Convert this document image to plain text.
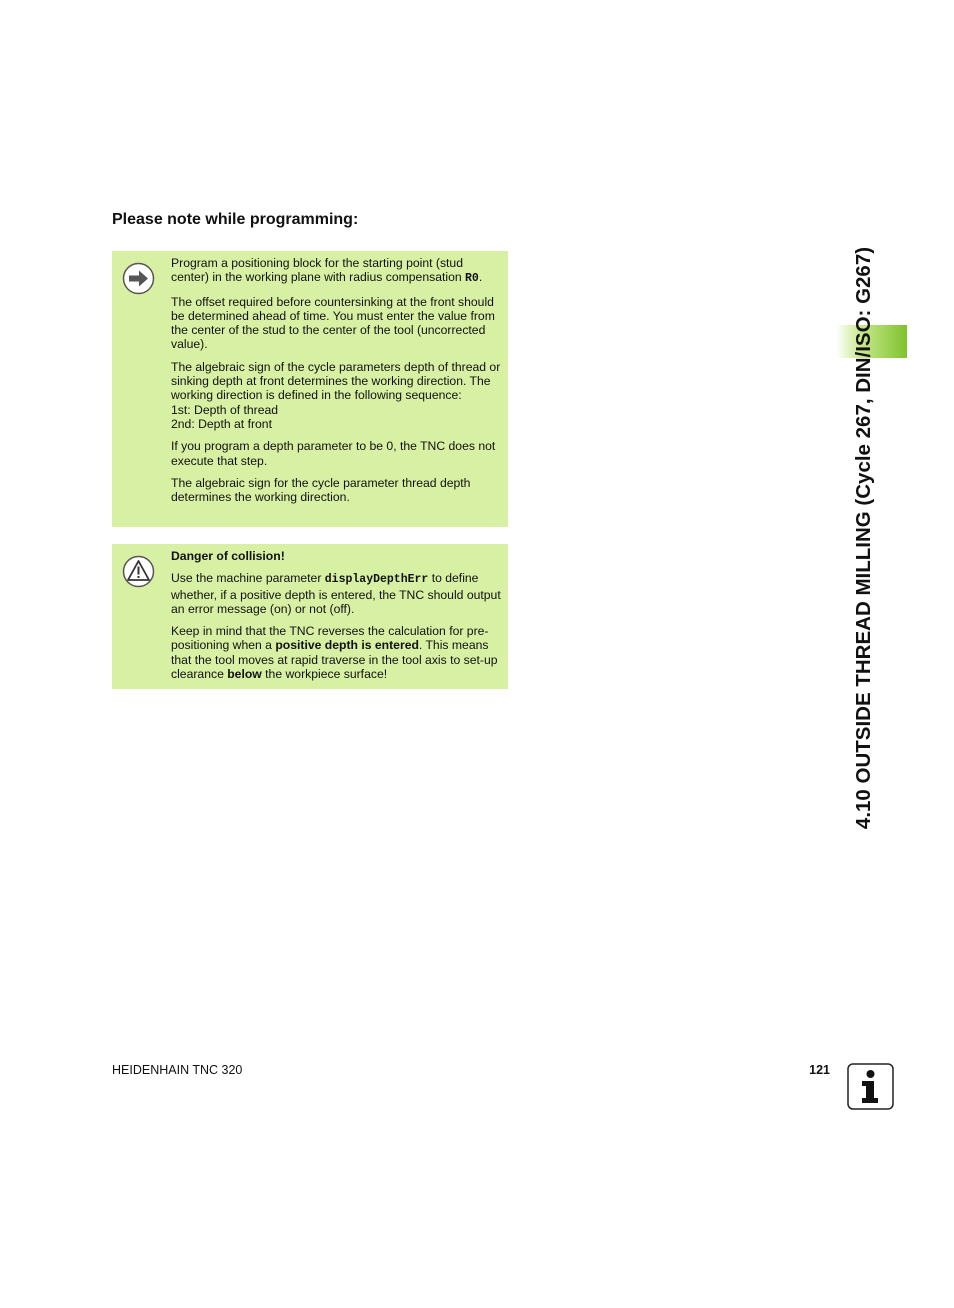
Please note while programming:

Program a positioning block for the starting point (stud center) in the working plane with radius compensation R0.

The offset required before countersinking at the front should be determined ahead of time. You must enter the value from the center of the stud to the center of the tool (uncorrected value).

The algebraic sign of the cycle parameters depth of thread or sinking depth at front determines the working direction. The working direction is defined in the following sequence:
1st: Depth of thread
2nd: Depth at front

If you program a depth parameter to be 0, the TNC does not execute that step.

The algebraic sign for the cycle parameter thread depth determines the working direction.

Danger of collision!

Use the machine parameter displayDepthErr to define whether, if a positive depth is entered, the TNC should output an error message (on) or not (off).

Keep in mind that the TNC reverses the calculation for pre-positioning when a positive depth is entered. This means that the tool moves at rapid traverse in the tool axis to set-up clearance below the workpiece surface!	4.10 OUTSIDE THREAD MILLING (Cycle 267, DIN/ISO: G267)
HEIDENHAIN TNC 320	121
